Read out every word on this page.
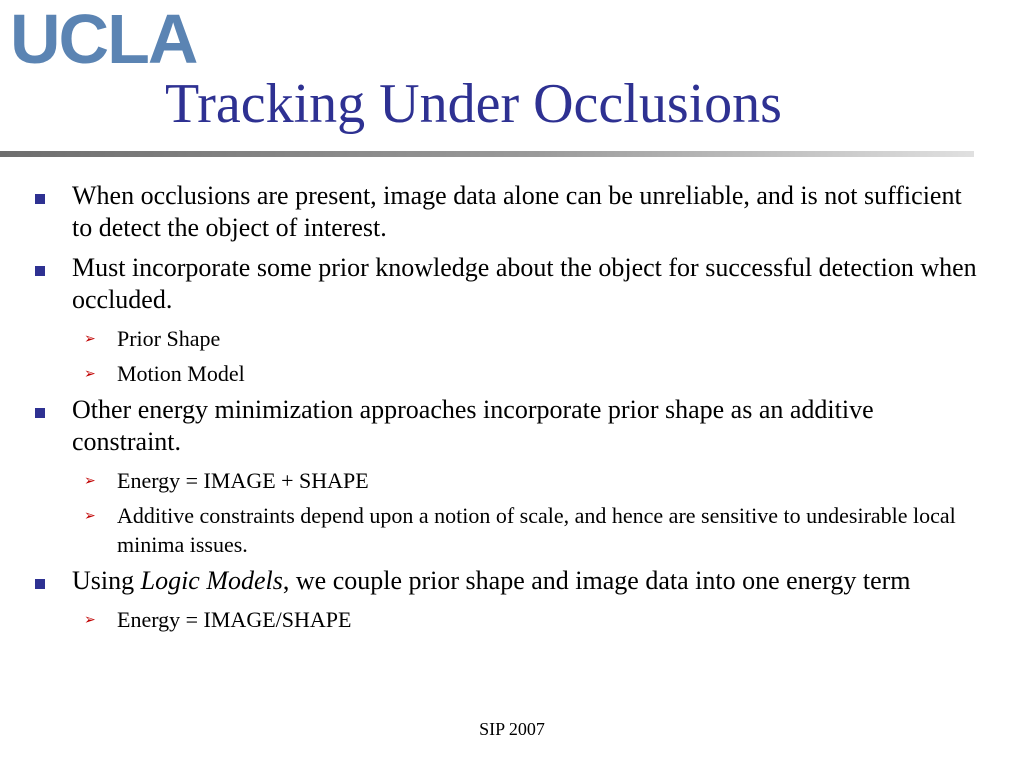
UCLA
Tracking Under Occlusions
When occlusions are present, image data alone can be unreliable, and is not sufficient to detect the object of interest.
Must incorporate some prior knowledge about the object for successful detection when occluded.
➢ Prior Shape
➢ Motion Model
Other energy minimization approaches incorporate prior shape as an additive constraint.
➢ Energy = IMAGE + SHAPE
➢ Additive constraints depend upon a notion of scale, and hence are sensitive to undesirable local minima issues.
Using Logic Models, we couple prior shape and image data into one energy term
➢ Energy = IMAGE/SHAPE
SIP 2007
